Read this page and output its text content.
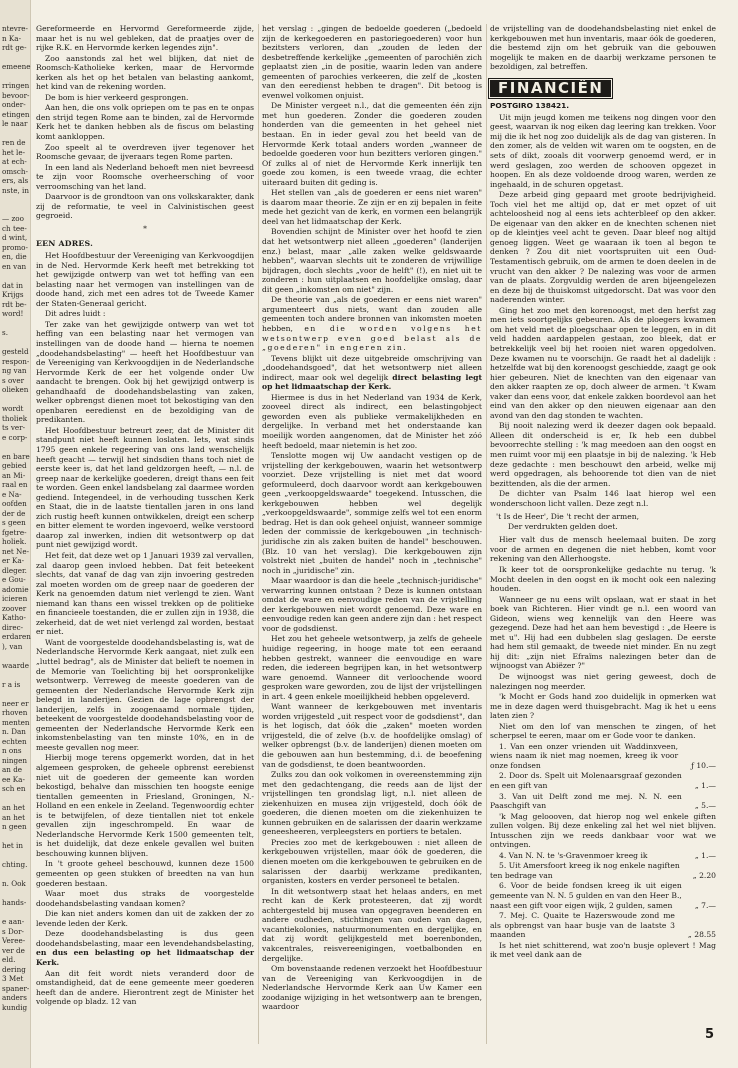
ntevre-
n Ka-
rdt ge-
emeene
rringen
bevoor-
onder-
etingen
le naar
ren de
het le-
at ech-
omsch-
ers, als
nste, in
— zoo
ch tee-
d wint,
promo-
en, die
en van
dat in
Krijgs
rdt be-
word!
s.
gesteld
respon-
ng van
s over
olieken
wordt
tholiek
ts ver-
e corp-
en bare
gebied
an Mi-
raal en
e Na-
oofden
der de
s geen
fgetre-
holiek.
net Ne-
er Ka-
dleger.
e Gou-
adomie
icieren
zoover
Katho-
direc-
erdaren
), van
waarde
r a is
neer er
rhoven
menten
n. Dan
echten
n ons
ningen
an de
ee Ka-
sch en
an het
an het
n geen
het in
chting.
n. Ook
hands-
e aan-
s Dor-
Veree-
ver de
eld.
dering
3 Met
spaner-
anders
kundig

Gereformeerde en Hervormd Gereformeerde zijde, maar het is nu wel gebleken, dat de praatjes over de rijke R.K. en Hervormde kerken legendes zijn".

Zoo aanstonds zal het wel blijken, dat niet de Roomsch-Katholieke kerken, maar de Hervormde kerken als het op het betalen van belasting aankomt, het kind van de rekening worden.

De bom is hier verkeerd gesprongen.

Aan hen, die ons volk opriepen om te pas en te onpas den strijd tegen Rome aan te binden, zal de Hervormde Kerk het te danken hebben als de fiscus om belasting komt aankloppen.

Zoo speelt al te overdreven ijver tegenover het Roomsche gevaar, de ijveraars tegen Rome parten.

In een land als Nederland behoeft men niet bevreesd te zijn voor Roomsche overheersching of voor verroomsching van het land.

Daarvoor is de grondtoon van ons volkskarakter, dank zij de reformatie, te veel in Calvinistischen geest gegroeid.

*

EEN ADRES.

Het Hoofdbestuur der Vereeniging van Kerkvoogdijen in de Ned. Hervormde Kerk heeft met betrekking tot het gewijzigde ontwerp van wet tot heffing van een belasting naar het vermogen van instellingen van de doode hand, zich met een adres tot de Tweede Kamer der Staten-Generaal gericht.

Dit adres luidt :

Ter zake van het gewijzigde ontwerp van wet tot heffing van een belasting naar het vermogen van instellingen van de doode hand — hierna te noemen „doodehandsbelasting" — heeft het Hoofdbestuur van de Vereeniging van Kerkvoogdijen in de Nederlandsche Hervormde Kerk de eer het volgende onder Uw aandacht te brengen. Ook bij het gewijzigd ontwerp is gehandhaafd de doodehandsbelasting van zaken, welker opbrengst dienen moet tot bekostiging van den openbaren eeredienst en de bezoldiging van de predikanten.

Het Hoofdbestuur betreurt zeer, dat de Minister dit standpunt niet heeft kunnen loslaten. Iets, wat sinds 1795 geen enkele regeering van ons land wenschelijk heeft geacht — terwijl het sindsdien thans toch niet de eerste keer is, dat het land geldzorgen heeft, — n.l. de greep naar de kerkelijke goederen, dreigt thans een feit te worden. Geen enkel landsbelang zal daarmee worden gediend. Integendeel, in de verhouding tusschen Kerk en Staat, die in de laatste tientallen jaren in ons land zich rustig heeft kunnen ontwikkelen, dreigt een scherp en bitter element te worden ingevoerd, welke verstoord daarop zal inwerken, indien dit wetsontwerp op dat punt niet gewijzigd wordt.

Het feit, dat deze wet op 1 Januari 1939 zal vervallen, zal daarop geen invloed hebben. Dat feit beteekent slechts, dat vanaf de dag van zijn invoering gestreden zal moeten worden om de greep naar de goederen der Kerk na genoemden datum niet verlengd te zien. Want niemand kan thans een wissel trekken op de politieke en financieele toestanden, die er zullen zijn in 1938, die zekerheid, dat de wet niet verlengd zal worden, bestaat er niet.

Want de voorgestelde doodehandsbelasting is, wat de Nederlandsche Hervormde Kerk aangaat, niet zulk een „luttel bedrag", als de Minister dat belieft te noemen in de Memorie van Toelichting bij het oorspronkelijke wetsontwerp. Verreweg de meeste goederen van de gemeenten der Nederlandsche Hervormde Kerk zijn belegd in landerijen. Gezien de lage opbrengst der landerijen, zelfs in zoogenaamd normale tijden, beteekent de voorgestelde doodehandsbelasting voor de gemeenten der Nederlandsche Hervormde Kerk een inkomstenbelasting van ten minste 10%, en in de meeste gevallen nog meer.

Hierbij moge terens opgemerkt worden, dat in het algemeen gesproken, de geheele opbrenst eerebienst niet uit de goederen der gemeente kan worden bekostigd, behalve dan misschien ten hoogste eenige tientallen gemeenten in Friesland, Groningen, N.-Holland en een enkele in Zeeland. Tegenwoordig echter is te betwijfelen, of deze tientallen niet tot enkele gevallen zijn ingeschrompeld. En waar de Nederlandsche Hervormde Kerk 1500 gemeenten telt, is het duidelijk, dat deze enkele gevallen wel buiten beschouwing kunnen blijven.

In 't groote geheel beschouwd, kunnen deze 1500 gemeenten op geen stukken of breedten na van hun goederen bestaan.

Waar moet dus straks de voorgestelde doodehandsbelasting vandaan komen?

Die kan niet anders komen dan uit de zakken der zo levende leden der Kerk.

Deze doodehandsbelasting is dus geen doodehandsbelasting, maar een levendehandsbelasting, en dus een belasting op het lidmaatschap der Kerk.

Aan dit feit wordt niets veranderd door de omstandigheid, dat de eene gemeente meer goederen heeft dan de andere. Hierontrent zegt de Minister het volgende op bladz. 12 van

het verslag : „gingen de bedoelde goederen („bedoeld zijn de kerkegoederen en pastoriegoederen) voor hun bezitsters verloren, dan „zouden de leden der desbetreffende kerkelijke „gemeenten of parochiën zich geplaatst zien „in de positie, waarin leden van andere gemeenten of parochies verkeeren, die zelf de „kosten van den eeredienst hebben te dragen". Dit betoog is evenwel volkomen onjuist.

De Minister vergeet n.l., dat die gemeenten één zijn met hun goederen. Zonder die goederen zouden honderden van die gemeenten in het geheel niet bestaan. En in ieder geval zou het beeld van de Hervormde Kerk totaal anders worden „wanneer de bedoelde goederen voor hun bezitters verloren gingen." Of zulks al of niet de Hervormde Kerk innerlijk ten goede zou komen, is een tweede vraag, die echter uiteraard buiten dit geding is.

Het stellen van „als de goederen er eens niet waren" is daarom maar theorie. Ze zijn er en zij bepalen in feite mede het gezicht van de kerk, en vormen een belangrijk deel van het lidmaatschap der Kerk.

Bovendien schijnt de Minister over het hoofd te zien dat het wetsontwerp niet alleen „goederen" (landerijen enz.) belast, maar „alle zaken welke geldswaarde hebben", waarvan slechts uit te zonderen de vrijwillige bijdragen, doch slechts „voor de helft" (!), en niet uit te zonderen : hun uitplaatsen en hoofdelijke omslag, daar dit geen „inkomsten om niet" zijn.

De theorie van „als de goederen er eens niet waren" argumenteert dus niets, want dan zouden alle gemeenten toch andere bronnen van inkomsten moeten hebben, en die worden volgens het wetsontwerp even goed belast als de „goederen" in engeren zin.

Tevens blijkt uit deze uitgebreide omschrijving van „doodehandsgoed", dat het wetsontwerp niet alleen indirect, maar ook wel degelijk direct belasting legt op het lidmaatschap der Kerk.

Hiermee is dus in het Nederland van 1934 de Kerk, zooveel direct als indirect, een belastingobject geworden even als publieke vermakelijkheden en dergelijke. In verband met het onderstaande kan moeilijk worden aangenomen, dat de Minister het zóó heeft bedoeld, maar nietemin is het zoo.

Tenslotte mogen wij Uw aandacht vestigen op de vrijstelling der kerkgebouwen, waarin het wetsontwerp voorziet. Deze vrijstelling is niet met dat woord geformuleerd, doch daarvoor wordt aan kerkgebouwen geen „verkoopgeldswaarde" toegekend. Intusschen, die kerkgebouwen hebben wel degelijk „verkoopgeldswaarde", sommige zelfs wel tot een enorm bedrag. Het is dan ook geheel onjuist, wanneer sommige leden der commissie de kerkgebouwen „in technisch-juridische zin als zaken buiten de handel" beschouwen. (Blz. 10 van het verslag). Die kerkgebouwen zijn volstrekt niet „buiten de handel" noch in „technische" noch in „juridische" zin.

Maar waardoor is dan die heele „technisch-juridische" verwarring kunnen ontstaan ? Deze is kunnen ontstaan omdat de ware en eenvoudige reden van de vrijstelling der kerkgebouwen niet wordt genoemd. Deze ware en eenvoudige reden kan geen andere zijn dan : het respect voor de godsdienst.

Het zou het geheele wetsontwerp, ja zelfs de geheele huidige regeering, in hooge mate tot een eeraand hebben gestrekt, wanneer die eenvoudige en ware reden, die iedereen begrijpen kan, in het wetsontwerp ware genoemd. Wanneer dit verloochende woord gesproken ware geworden, zou de lijst der vrijstellingen in art. 4 geen enkele moeilijkheid hebben opgeleverd.

Want wanneer de kerkgebouwen met inventaris worden vrijgesteld „uit respect voor de godsdienst", dan is het logisch, dat óók die „zaken" moeten worden vrijgesteld, die of zelve (b.v. de hoofdelijke omslag) of welker opbrengst (b.v. de landerijen) dienen moeten om die gebouwen aan hun bestemming, d.i. de beoefening van de godsdienst, te doen beantwoorden.

Zulks zou dan ook volkomen in overeenstemming zijn met den gedachtengang, die reeds aan de lijst der vrijstellingen ten grondslag ligt, n.l. niet alleen de ziekenhuizen en musea zijn vrijgesteld, doch óók de goederen, die dienen moeten om die ziekenhuizen te kunnen gebruiken en de salarissen der daarin werkzame geneesheeren, verpleegsters en portiers te betalen.

Precies zoo met de kerkgebouwen : niet alleen de kerkgebouwen vrijstellen, maar óók de goederen, die dienen moeten om die kerkgebouwen te gebruiken en de salarissen der daarbij werkzame predikanten, organisten, kosters en verder personeel te betalen.

In dit wetsontwerp staat het helaas anders, en met recht kan de Kerk protesteeren, dat zij wordt achtergesteld bij musea van opgegraven beenderen en andere oudheden, stichtingen van ouden van dagen, vacantiekolonies, natuurmonumenten en dergelijke, en dat zij wordt gelijkgesteld met boerenbonden, vakcentrales, reisvereenigingen, voetbalbonden en dergelijke.

Om bovenstaande redenen verzoekt het Hoofdbestuur van de Vereeniging van Kerkvoogdijen in de Nederlandsche Hervormde Kerk aan Uw Kamer een zoodanige wijziging in het wetsontwerp aan te brengen, waardoor

de vrijstelling van de doodehandsbelasting niet enkel de kerkgebouwen met hun inventaris, maar óók de goederen, die bestemd zijn om het gebruik van die gebouwen mogelijk te maken en de daarbij werkzame personen te bezoldigen, zal betreffen.

FINANCIËN
POSTGIRO 138421.

Uit mijn jeugd komen me teikens nog dingen voor den geest, waarvan ik nog eiken dag leering kan trekken. Voor mij die ik het nog zoo duidelijk als de dag van gisteren. In den zomer, als de velden wit waren om te oogsten, en de sets of dikt, zooals dit voorwerp genoemd werd, er in werd geslagen, zoo werden de schooven opgezet in hoopen. En als deze voldoende droog waren, werden ze ingehaald, in de schuren opgetast.

Deze arbeid ging gepaard met groote bedrijvigheid. Toch viel het me altijd op, dat er met opzet of uit achteloosheid nog al eens iets achterbleef op den akker. De eigenaar van den akker en de knechten schenen niet op de kleintjes veel acht te geven. Daar bleef nog altijd genoeg liggen. Weet ge waaraan ik toen al begon te denken ? Zou dit niet voortspruiten uit een Oud-Testamentisch gebruik, om de armen te doen deelen in de vrucht van den akker ? De nalezing was voor de armen van de plaats. Zorgvuldig werden de aren bijeengelezen en deze bij de thuiskomst uitgedorscht. Dat was voor den naderenden winter.

Ging het zoo met den korenoogst, met den herfst zag men iets soortgelijks gebeuren. Als de ploegers kwamen om het veld met de ploegschaar open te leggen, en in dit veld hadden aardappelen gestaan, zoo bleek, dat er betrekkelijk veel bij het rooien niet waren opgedolven. Deze kwamen nu te voorschijn. Ge raadt het al dadelijk : hetzelfde wat bij den korenoogst geschiedde, zaagt ge ook hier gebeuren. Niet de knechten van den eigenaar van den akker raapten ze op, doch alweer de armen. 't Kwam vaker dan eens voor, dat enkele zakken boordevol aan het eind van den akker op den nieuwen eigenaar aan den avond van den dag stonden te wachten.

Bij nooit nalezing werd ik deezer dagen ook bepaald. Alleen dit onderscheid is er, Ik heb een dubbel bevoorrechte stelling : 'k mag meedoen aan den oogst en men ruimt voor mij een plaatsje in bij de nalezing. 'k Heb deze gedachte : men beschouwt den arbeid, welke mij werd opgedragen, als behoorende tot dien van de niet bezittenden, als die der armen.

De dichter van Psalm 146 laat hierop wel een wonderschoon licht vallen. Deze zegt n.l.

't Is de Heer', Die 't recht der armen,

Der verdrukten gelden doet.

Hier valt dus de mensch heelemaal buiten. De zorg voor de armen en degenen die niet hebben, komt voor rekening van den Allerhoogste.

Ik keer tot de oorspronkelijke gedachte nu terug. 'k Mocht deelen in den oogst en ik mocht ook een nalezing houden.

Wanneer ge nu eens wilt opslaan, wat er staat in het boek van Richteren. Hier vindt ge n.l. een woord van Gideon, wiens weg kennelijk van den Heere was gezegend. Deze had het aan hem bevestigd : „de Heere is met u". Hij had een dubbelen slag geslagen. De eerste had hem stil gemaakt, de tweede niet minder. En nu zegt hij dit: „zijn niet Efraïms nalezingen beter dan de wijnoogst van Abiëzer ?"

De wijnoogst was niet gering geweest, doch de nalezingen nog meerder.

'k Mocht er Gods hand zoo duidelijk in opmerken wat me in deze dagen werd thuisgebracht. Mag ik het u eens laten zien ?

Niet om den lof van menschen te zingen, of het scherpsel te eeren, maar om er Gode voor te danken.

1. Van een onzer vrienden uit Waddinxveen, wiens naam ik niet mag noemen, kreeg ik voor onze fondsen	ƒ 10.—

2. Door ds. Spelt uit Molenaarsgraaf gezonden en een gift van	„ 1.—

3. Van uit Delft zond me mej. N. N. een Paaschgift van	„ 5.—

'k Mag geloooven, dat hierop nog wel enkele giften zullen volgen. Bij deze enkeling zal het wel niet blijven. Intusschen zijn we reeds dankbaar voor wat we ontvingen.

4. Van N. N. te 's-Gravenmoer kreeg ik	„ 1.—

5. Uit Amersfoort kreeg ik nog enkele nagiften ten bedrage van	„ 2.20

6. Voor de beide fondsen kreeg ik uit eigen gemeente van N. N. 5 gulden en van den Heer B., naast een gift voor eigen wijk, 2 gulden, samen	„ 7.—

7. Mej. C. Quaite te Hazerswoude zond me als opbrengst van haar busje van de laatste 3 maanden	„ 28.55

Is het niet schitterend, wat zoo'n busje oplevert ! Mag ik met veel dank aan de

5
